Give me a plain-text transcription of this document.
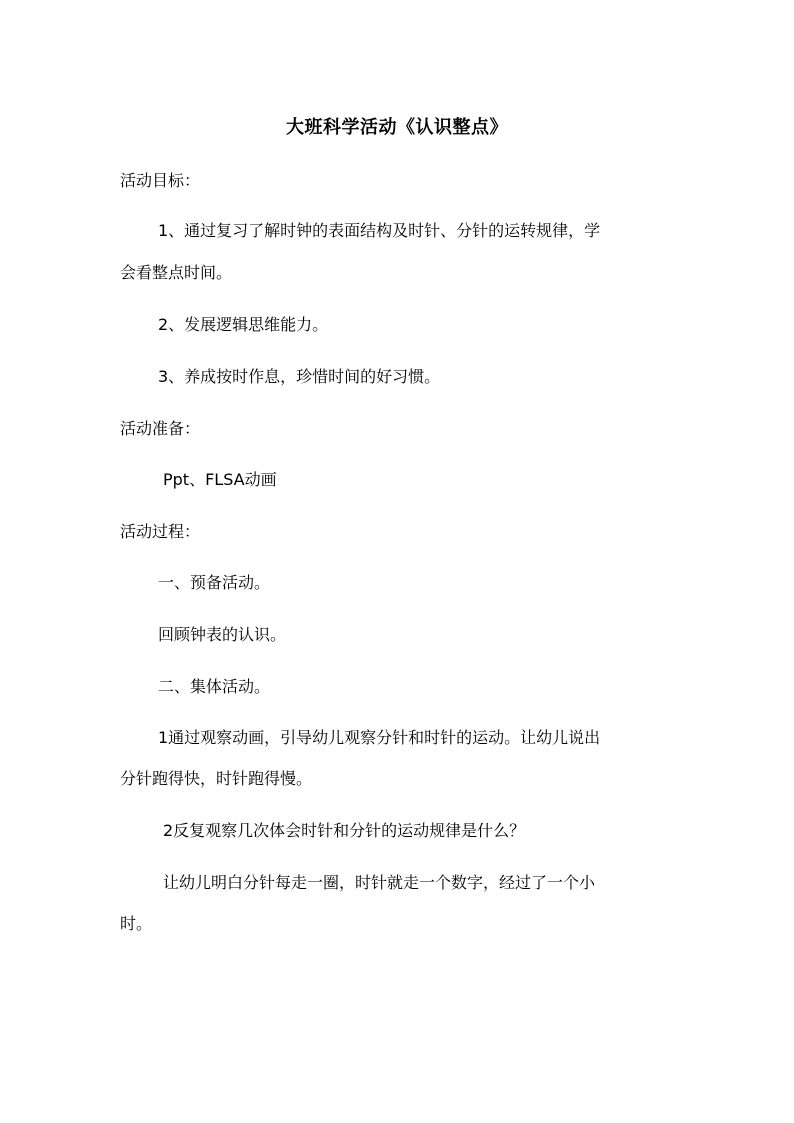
大班科学活动《认识整点》
活动目标：
1、通过复习了解时钟的表面结构及时针、分针的运转规律，学
会看整点时间。
2、发展逻辑思维能力。
3、养成按时作息，珍惜时间的好习惯。
活动准备：
Ppt、FLSA动画
活动过程：
一、预备活动。
回顾钟表的认识。
二、集体活动。
1通过观察动画，引导幼儿观察分针和时针的运动。让幼儿说出
分针跑得快，时针跑得慢。
2反复观察几次体会时针和分针的运动规律是什么？
让幼儿明白分针每走一圈，时针就走一个数字，经过了一个小
时。
